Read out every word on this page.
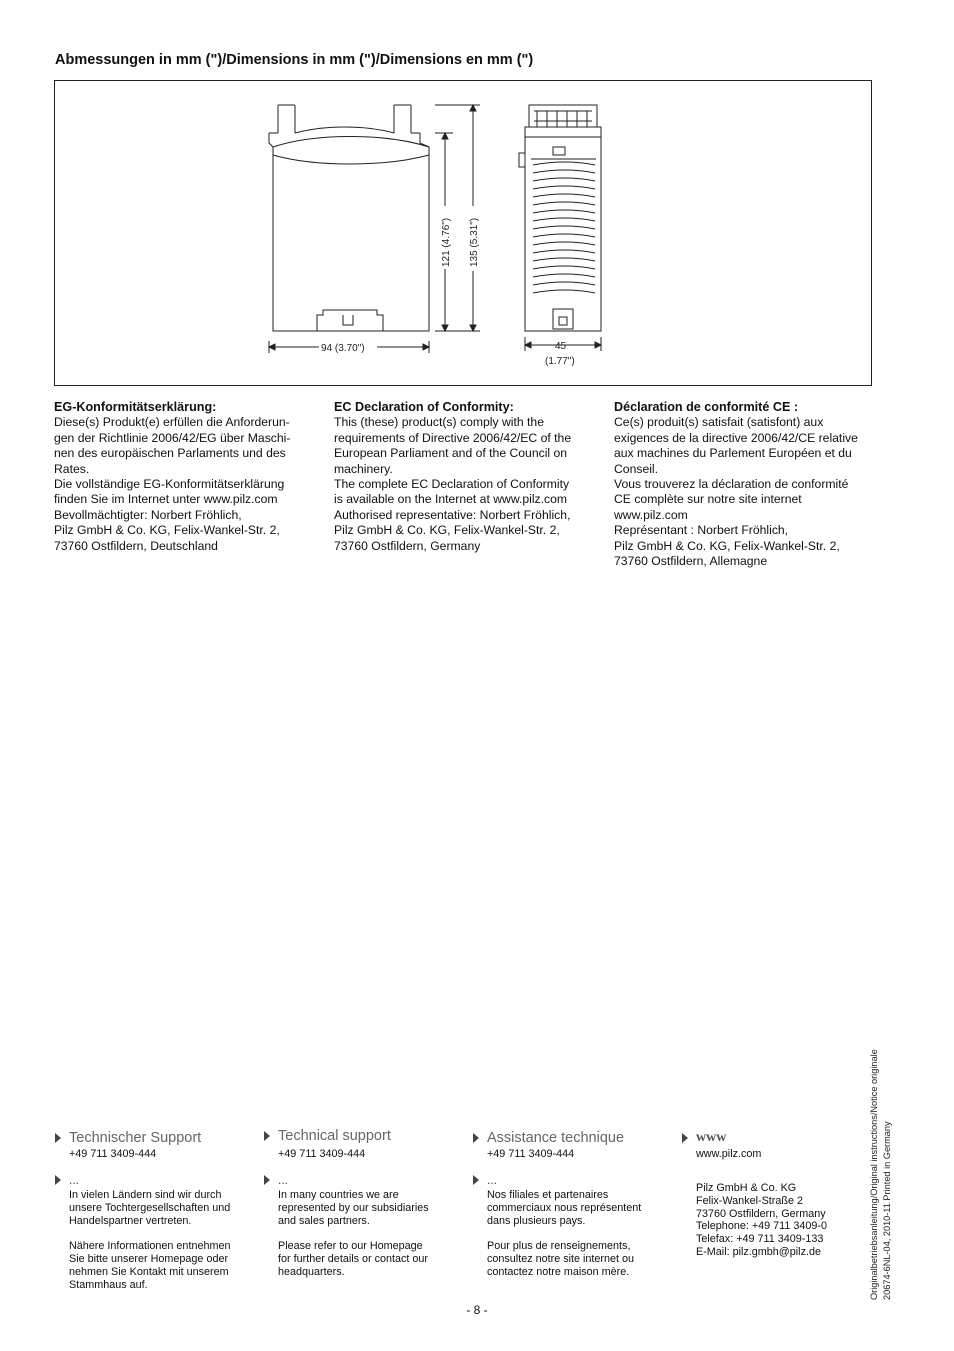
Abmessungen in mm (")/Dimensions in mm (")/Dimensions en mm (")
94 (3.70")
121 (4.76") 135 (5.31")
45
(1.77")
EG-Konformitätserklärung:

Diese(s) Produkt(e) erfüllen die Anforderun-
gen der Richtlinie 2006/42/EG über Maschi-
nen des europäischen Parlaments und des
Rates.
Die vollständige EG-Konformitätserklärung
finden Sie im Internet unter www.pilz.com
Bevollmächtigter: Norbert Fröhlich,
Pilz GmbH & Co. KG, Felix-Wankel-Str. 2,
73760 Ostfildern, Deutschland

EC Declaration of Conformity:

This (these) product(s) comply with the
requirements of Directive 2006/42/EC of the
European Parliament and of the Council on
machinery.
The complete EC Declaration of Conformity
is available on the Internet at www.pilz.com
Authorised representative: Norbert Fröhlich,
Pilz GmbH & Co. KG, Felix-Wankel-Str. 2,
73760 Ostfildern, Germany

Déclaration de conformité CE :

Ce(s) produit(s) satisfait (satisfont) aux
exigences de la directive 2006/42/CE relative
aux machines du Parlement Européen et du
Conseil.
Vous trouverez la déclaration de conformité
CE complète sur notre site internet
www.pilz.com
Représentant : Norbert Fröhlich,
Pilz GmbH & Co. KG, Felix-Wankel-Str. 2,
73760 Ostfildern, Allemagne

Technischer Support
+49 711 3409-444
...
In vielen Ländern sind wir durch
unsere Tochtergesellschaften und
Handelspartner vertreten.
Nähere Informationen entnehmen
Sie bitte unserer Homepage oder
nehmen Sie Kontakt mit unserem
Stammhaus auf.
Technical support
+49 711 3409-444
...
In many countries we are
represented by our subsidiaries
and sales partners.
Please refer to our Homepage
for further details or contact our
headquarters.
Assistance technique
+49 711 3409-444
...
Nos filiales et partenaires
commerciaux nous représentent
dans plusieurs pays.
Pour plus de renseignements,
consultez notre site internet ou
contactez notre maison mère.
www
www.pilz.com
Pilz GmbH & Co. KG
Felix-Wankel-Straße 2
73760 Ostfildern, Germany
Telephone: +49 711 3409-0
Telefax: +49 711 3409-133
E-Mail: pilz.gmbh@pilz.de	Originalbetriebsanleitung/Original instructions/Notice originale 20674-6NL-04, 2010-11 Printed in Germany
- 8 -
